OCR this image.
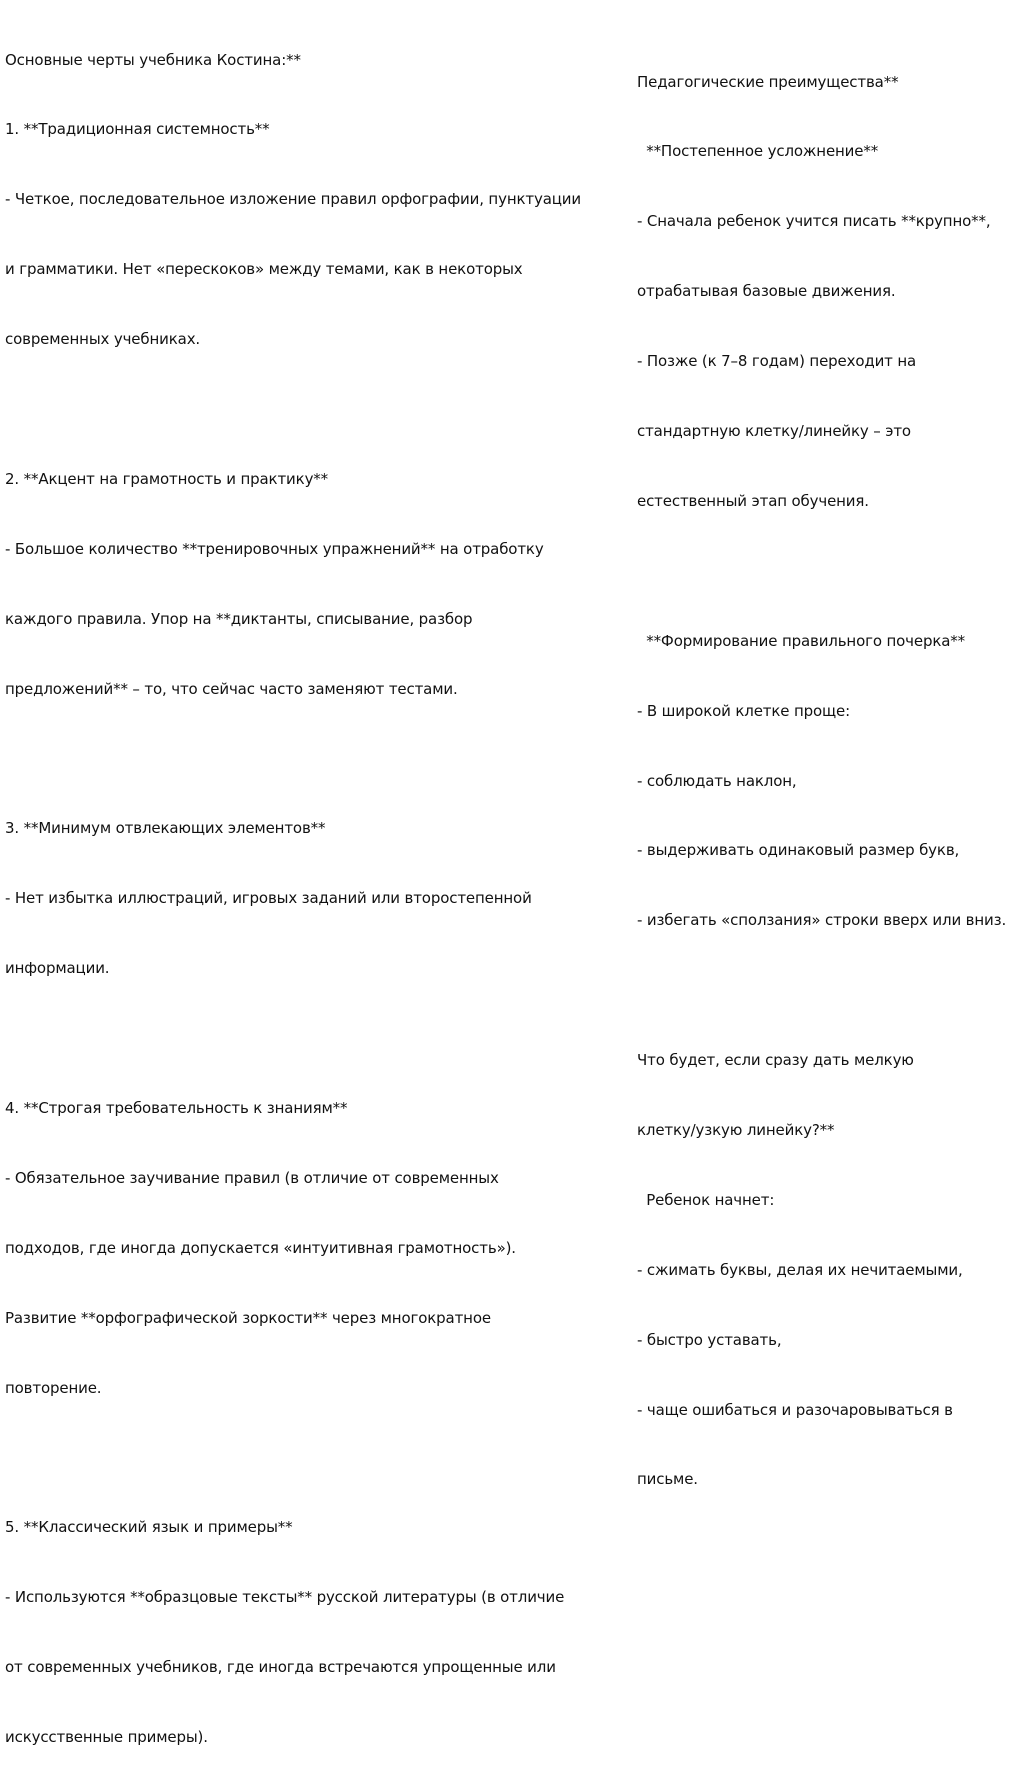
Основные черты учебника Костина:**

1. **Традиционная системность**

- Четкое, последовательное изложение правил орфографии, пунктуации

и грамматики. Нет «перескоков» между темами, как в некоторых

современных учебниках.

2. **Акцент на грамотность и практику**

- Большое количество **тренировочных упражнений** на отработку

каждого правила. Упор на **диктанты, списывание, разбор

предложений** – то, что сейчас часто заменяют тестами.

3. **Минимум отвлекающих элементов**

- Нет избытка иллюстраций, игровых заданий или второстепенной

информации.

4. **Строгая требовательность к знаниям**

- Обязательное заучивание правил (в отличие от современных

подходов, где иногда допускается «интуитивная грамотность»).

Развитие **орфографической зоркости** через многократное

повторение.

5. **Классический язык и примеры**

- Используются **образцовые тексты** русской литературы (в отличие

от современных учебников, где иногда встречаются упрощенные или

искусственные примеры).

Педагогические преимущества**

**Постепенное усложнение**

- Сначала ребенок учится писать **крупно**,

отрабатывая базовые движения.

- Позже (к 7–8 годам) переходит на

стандартную клетку/линейку – это

естественный этап обучения.

**Формирование правильного почерка**

- В широкой клетке проще:

- соблюдать наклон,

- выдерживать одинаковый размер букв,

- избегать «сползания» строки вверх или вниз.

Что будет, если сразу дать мелкую

клетку/узкую линейку?**

Ребенок начнет:

- сжимать буквы, делая их нечитаемыми,

- быстро уставать,

- чаще ошибаться и разочаровываться в

письме.
